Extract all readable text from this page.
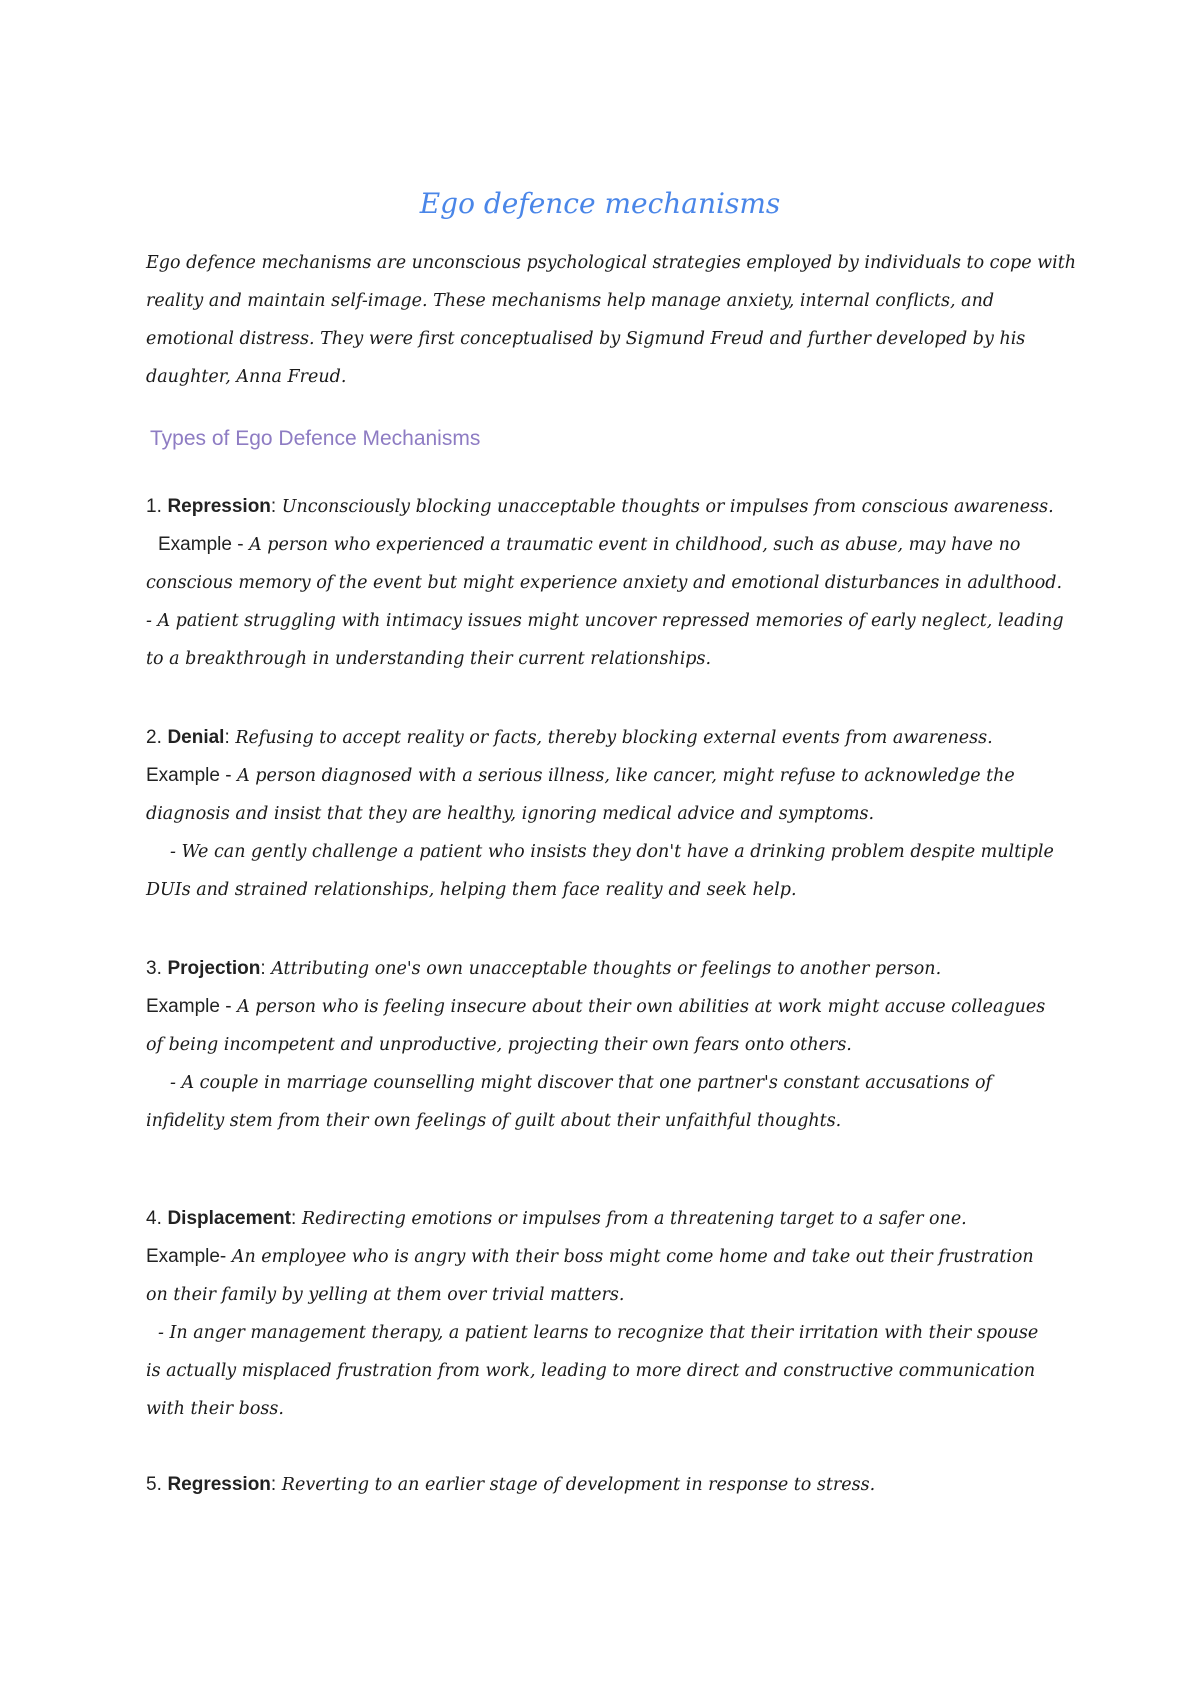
Ego defence mechanisms
Ego defence mechanisms are unconscious psychological strategies employed by individuals to cope with
reality and maintain self-image. These mechanisms help manage anxiety, internal conflicts, and
emotional distress. They were first conceptualised by Sigmund Freud and further developed by his
daughter, Anna Freud.
Types of Ego Defence Mechanisms
1. Repression: Unconsciously blocking unacceptable thoughts or impulses from conscious awareness.
Example - A person who experienced a traumatic event in childhood, such as abuse, may have no
conscious memory of the event but might experience anxiety and emotional disturbances in adulthood.
- A patient struggling with intimacy issues might uncover repressed memories of early neglect, leading
to a breakthrough in understanding their current relationships.
2. Denial: Refusing to accept reality or facts, thereby blocking external events from awareness.
Example - A person diagnosed with a serious illness, like cancer, might refuse to acknowledge the
diagnosis and insist that they are healthy, ignoring medical advice and symptoms.
- We can gently challenge a patient who insists they don't have a drinking problem despite multiple
DUIs and strained relationships, helping them face reality and seek help.
3. Projection: Attributing one's own unacceptable thoughts or feelings to another person.
Example - A person who is feeling insecure about their own abilities at work might accuse colleagues
of being incompetent and unproductive, projecting their own fears onto others.
- A couple in marriage counselling might discover that one partner's constant accusations of
infidelity stem from their own feelings of guilt about their unfaithful thoughts.
4. Displacement: Redirecting emotions or impulses from a threatening target to a safer one.
Example- An employee who is angry with their boss might come home and take out their frustration
on their family by yelling at them over trivial matters.
- In anger management therapy, a patient learns to recognize that their irritation with their spouse
is actually misplaced frustration from work, leading to more direct and constructive communication
with their boss.
5. Regression: Reverting to an earlier stage of development in response to stress.
